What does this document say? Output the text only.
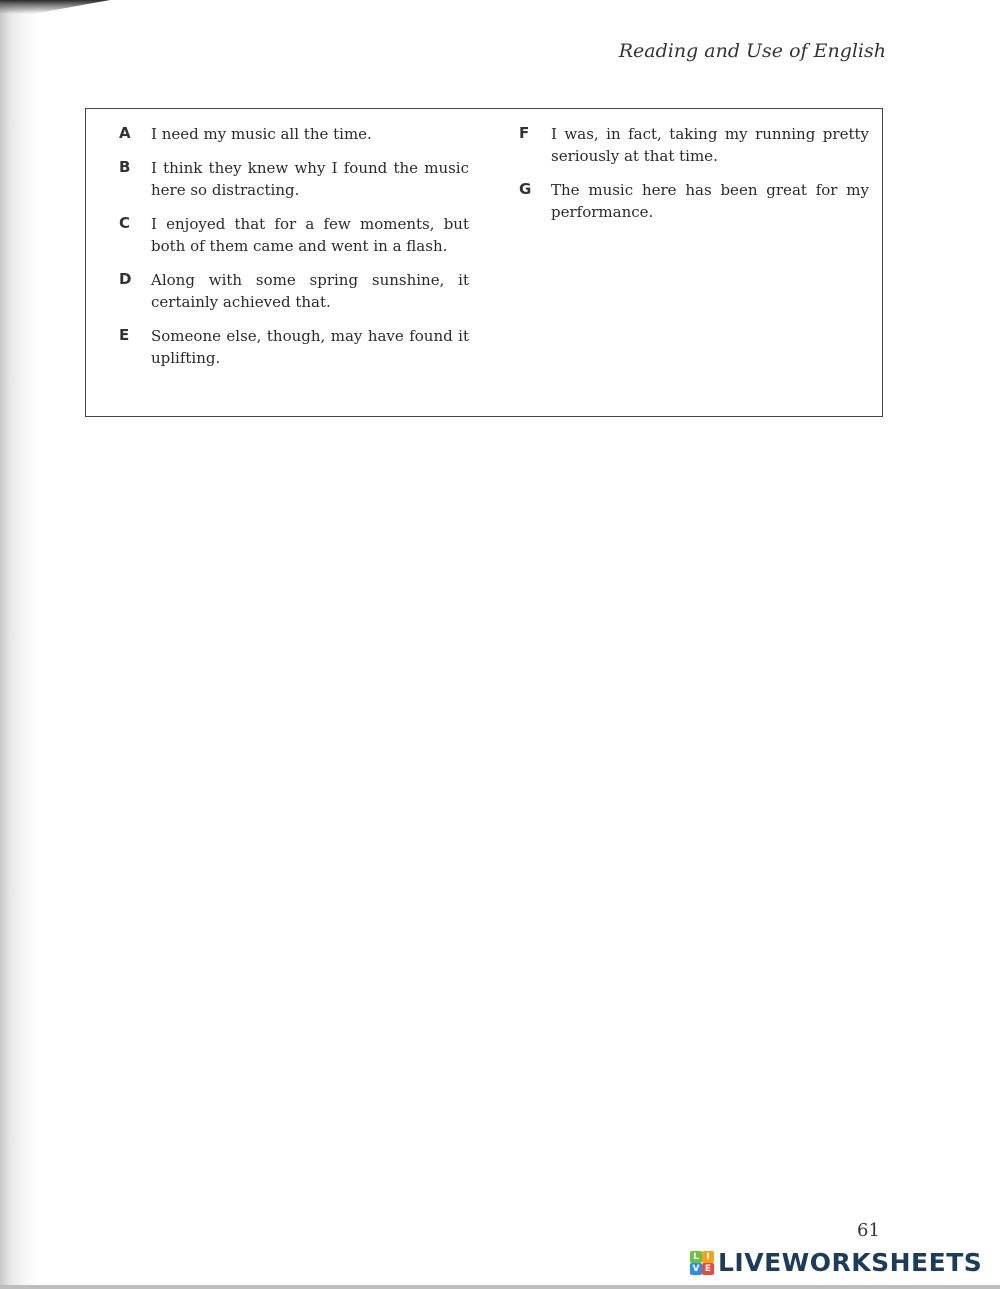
Reading and Use of English
A	I need my music all the time.
B	I think they knew why I found the music here so distracting.
C	I enjoyed that for a few moments, but both of them came and went in a flash.
D	Along with some spring sunshine, it certainly achieved that.
E	Someone else, though, may have found it uplifting.
F	I was, in fact, taking my running pretty seriously at that time.
G	The music here has been great for my performance.
61
L I
V E LIVEWORKSHEETS
